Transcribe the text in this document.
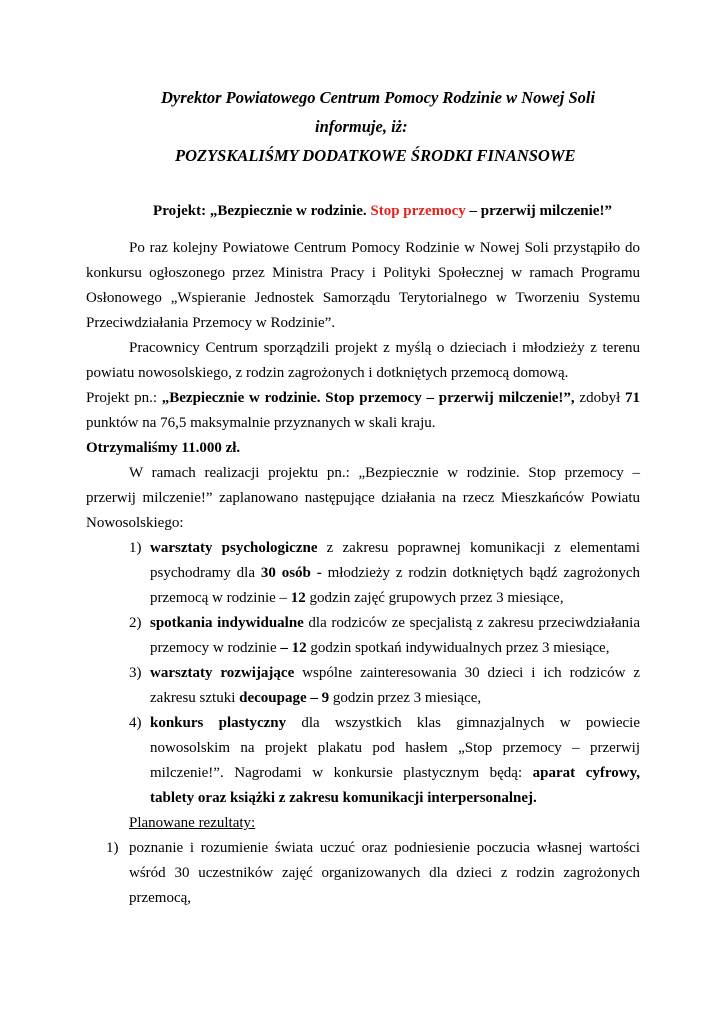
Dyrektor Powiatowego Centrum Pomocy Rodzinie w Nowej Soli
informuje, iż:
POZYSKALIŚMY DODATKOWE ŚRODKI FINANSOWE
Projekt: „Bezpiecznie w rodzinie. Stop przemocy – przerwij milczenie!”

Po raz kolejny Powiatowe Centrum Pomocy Rodzinie w Nowej Soli przystąpiło do konkursu ogłoszonego przez Ministra Pracy i Polityki Społecznej w ramach Programu Osłonowego „Wspieranie Jednostek Samorządu Terytorialnego w Tworzeniu Systemu Przeciwdziałania Przemocy w Rodzinie”.

Pracownicy Centrum sporządzili projekt z myślą o dzieciach i młodzieży z terenu powiatu nowosolskiego, z rodzin zagrożonych i dotkniętych przemocą domową.

Projekt pn.: „Bezpiecznie w rodzinie. Stop przemocy – przerwij milczenie!”, zdobył 71 punktów na 76,5 maksymalnie przyznanych w skali kraju.

Otrzymaliśmy 11.000 zł.

W ramach realizacji projektu pn.: „Bezpiecznie w rodzinie. Stop przemocy – przerwij milczenie!” zaplanowano następujące działania na rzecz Mieszkańców Powiatu Nowosolskiego:

1) warsztaty psychologiczne z zakresu poprawnej komunikacji z elementami psychodramy dla 30 osób - młodzieży z rodzin dotkniętych bądź zagrożonych przemocą w rodzinie – 12 godzin zajęć grupowych przez 3 miesiące,
2) spotkania indywidualne dla rodziców ze specjalistą z zakresu przeciwdziałania przemocy w rodzinie – 12 godzin spotkań indywidualnych przez 3 miesiące,
3) warsztaty rozwijające wspólne zainteresowania 30 dzieci i ich rodziców z zakresu sztuki decoupage – 9 godzin przez 3 miesiące,
4) konkurs plastyczny dla wszystkich klas gimnazjalnych w powiecie nowosolskim na projekt plakatu pod hasłem „Stop przemocy – przerwij milczenie!”. Nagrodami w konkursie plastycznym będą: aparat cyfrowy, tablety oraz książki z zakresu komunikacji interpersonalnej.

Planowane rezultaty:

1) poznanie i rozumienie świata uczuć oraz podniesienie poczucia własnej wartości wśród 30 uczestników zajęć organizowanych dla dzieci z rodzin zagrożonych przemocą,
